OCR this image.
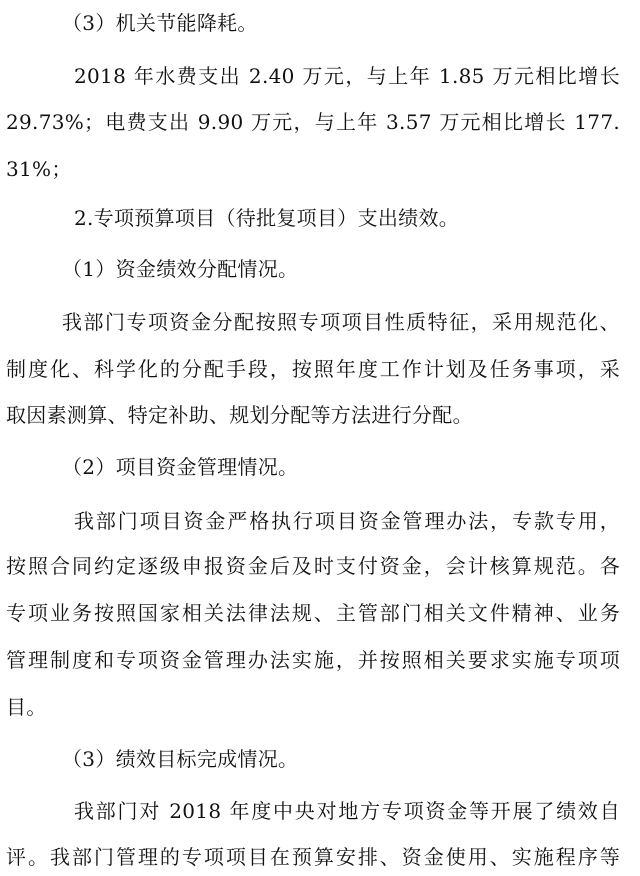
（3）机关节能降耗。
2018 年水费支出 2.40 万元，与上年 1.85 万元相比增长
29.73%；电费支出 9.90 万元，与上年 3.57 万元相比增长 177.
31%；
2.专项预算项目（待批复项目）支出绩效。
（1）资金绩效分配情况。
我部门专项资金分配按照专项项目性质特征，采用规范化、
制度化、科学化的分配手段，按照年度工作计划及任务事项，采
取因素测算、特定补助、规划分配等方法进行分配。
（2）项目资金管理情况。
我部门项目资金严格执行项目资金管理办法，专款专用，
按照合同约定逐级申报资金后及时支付资金，会计核算规范。各
专项业务按照国家相关法律法规、主管部门相关文件精神、业务
管理制度和专项资金管理办法实施，并按照相关要求实施专项项
目。
（3）绩效目标完成情况。
我部门对 2018 年度中央对地方专项资金等开展了绩效自
评。我部门管理的专项项目在预算安排、资金使用、实施程序等
